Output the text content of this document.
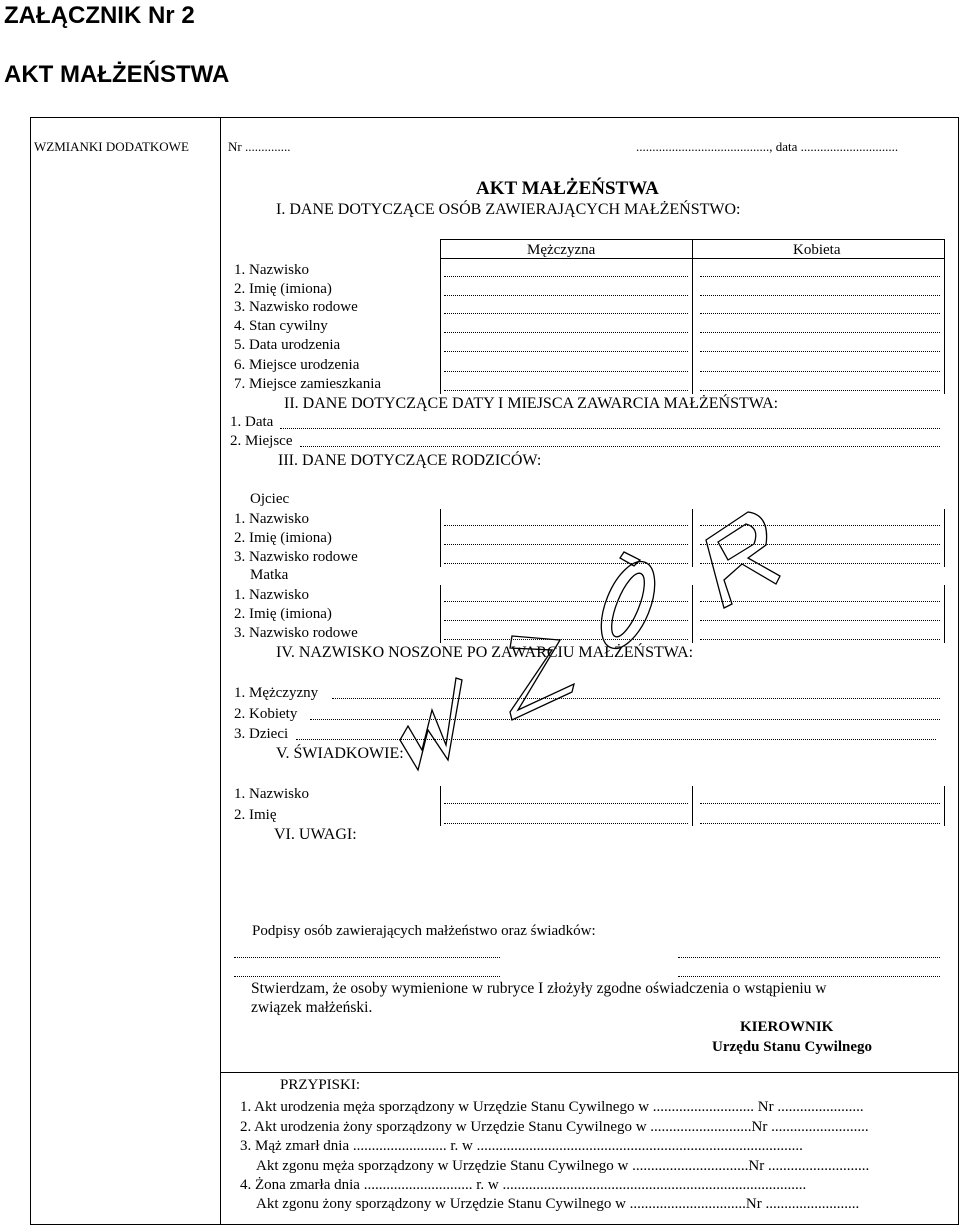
ZAŁĄCZNIK Nr 2
AKT MAŁŻEŃSTWA
WZMIANKI DODATKOWE	Nr ..............	........................................., data ..............................
AKT MAŁŻEŃSTWA
I. DANE DOTYCZĄCE OSÓB ZAWIERAJĄCYCH MAŁŻEŃSTWO:
Mężczyzna	Kobieta
1. Nazwisko
2. Imię (imiona)
3. Nazwisko rodowe
4. Stan cywilny
5. Data urodzenia
6. Miejsce urodzenia
7. Miejsce zamieszkania
II. DANE DOTYCZĄCE DATY I MIEJSCA ZAWARCIA MAŁŻEŃSTWA:
1. Data
2. Miejsce
III. DANE DOTYCZĄCE RODZICÓW:
Ojciec
1. Nazwisko
2. Imię (imiona)
3. Nazwisko rodowe
Matka
1. Nazwisko
2. Imię (imiona)
3. Nazwisko rodowe
IV. NAZWISKO NOSZONE PO ZAWARCIU MAŁŻEŃSTWA:
1. Mężczyzny
2. Kobiety
3. Dzieci
V. ŚWIADKOWIE:
1. Nazwisko
2. Imię
VI. UWAGI:
Podpisy osób zawierających małżeństwo oraz świadków:
Stwierdzam, że osoby wymienione w rubryce I złożyły zgodne oświadczenia o wstąpieniu w
związek małżeński.
KIEROWNIK
Urzędu Stanu Cywilnego
PRZYPISKI:
1. Akt urodzenia męża sporządzony w Urzędzie Stanu Cywilnego w ........................... Nr .......................
2. Akt urodzenia żony sporządzony w Urzędzie Stanu Cywilnego w ...........................Nr ..........................
3. Mąż zmarł dnia ......................... r. w .......................................................................................
Akt zgonu męża sporządzony w Urzędzie Stanu Cywilnego w ...............................Nr ...........................
4. Żona zmarła dnia ............................. r. w .................................................................................
Akt zgonu żony sporządzony w Urzędzie Stanu Cywilnego w ...............................Nr .........................
